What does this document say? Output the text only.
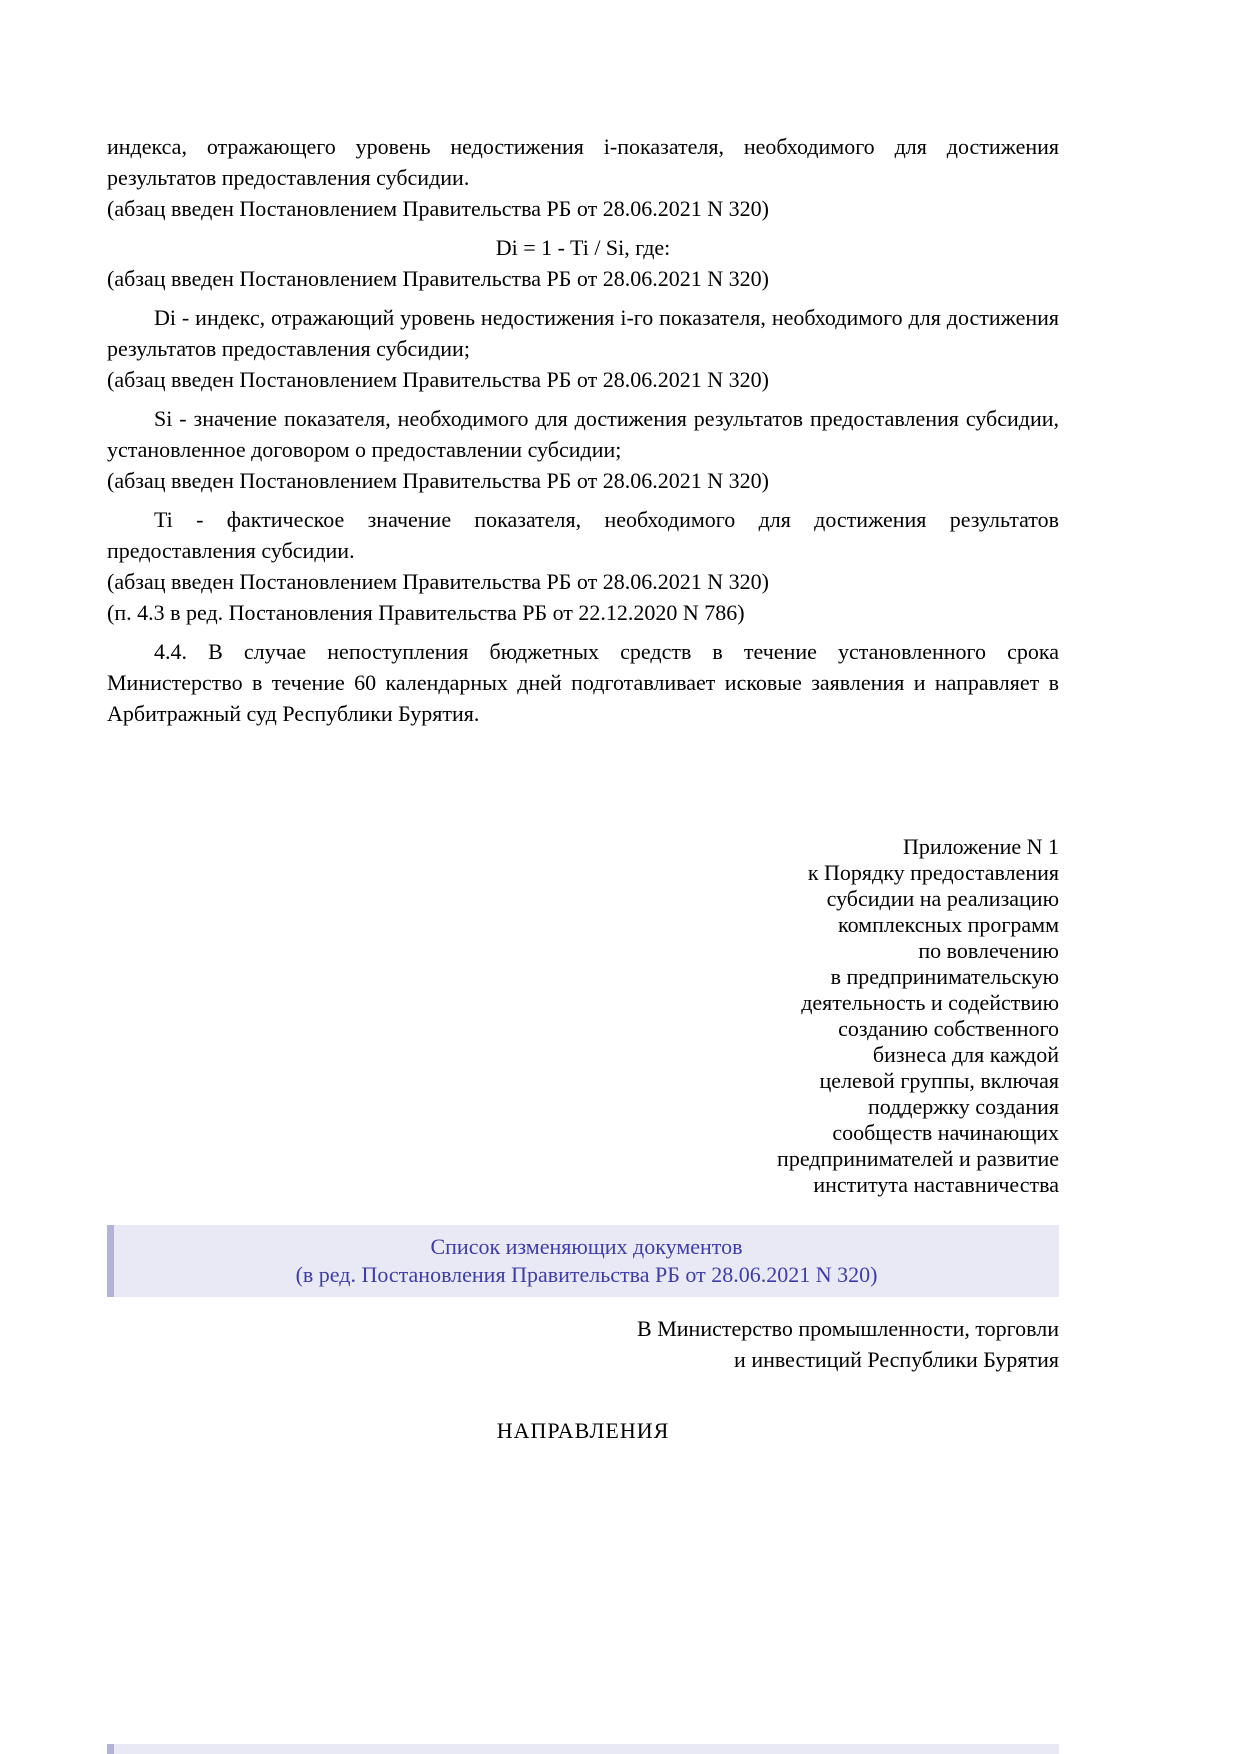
индекса, отражающего уровень недостижения i-показателя, необходимого для достижения результатов предоставления субсидии.

(абзац введен Постановлением Правительства РБ от 28.06.2021 N 320)

Di = 1 - Ti / Si, где:

(абзац введен Постановлением Правительства РБ от 28.06.2021 N 320)

Di - индекс, отражающий уровень недостижения i-го показателя, необходимого для достижения результатов предоставления субсидии;

(абзац введен Постановлением Правительства РБ от 28.06.2021 N 320)

Si - значение показателя, необходимого для достижения результатов предоставления субсидии, установленное договором о предоставлении субсидии;

(абзац введен Постановлением Правительства РБ от 28.06.2021 N 320)

Ti - фактическое значение показателя, необходимого для достижения результатов предоставления субсидии.

(абзац введен Постановлением Правительства РБ от 28.06.2021 N 320)

(п. 4.3 в ред. Постановления Правительства РБ от 22.12.2020 N 786)

4.4. В случае непоступления бюджетных средств в течение установленного срока Министерство в течение 60 календарных дней подготавливает исковые заявления и направляет в Арбитражный суд Республики Бурятия.

Приложение N 1
к Порядку предоставления
субсидии на реализацию
комплексных программ
по вовлечению
в предпринимательскую
деятельность и содействию
созданию собственного
бизнеса для каждой
целевой группы, включая
поддержку создания
сообществ начинающих
предпринимателей и развитие
института наставничества
Список изменяющих документов
(в ред. Постановления Правительства РБ от 28.06.2021 N 320)
В Министерство промышленности, торговли
и инвестиций Республики Бурятия
НАПРАВЛЕНИЯ
